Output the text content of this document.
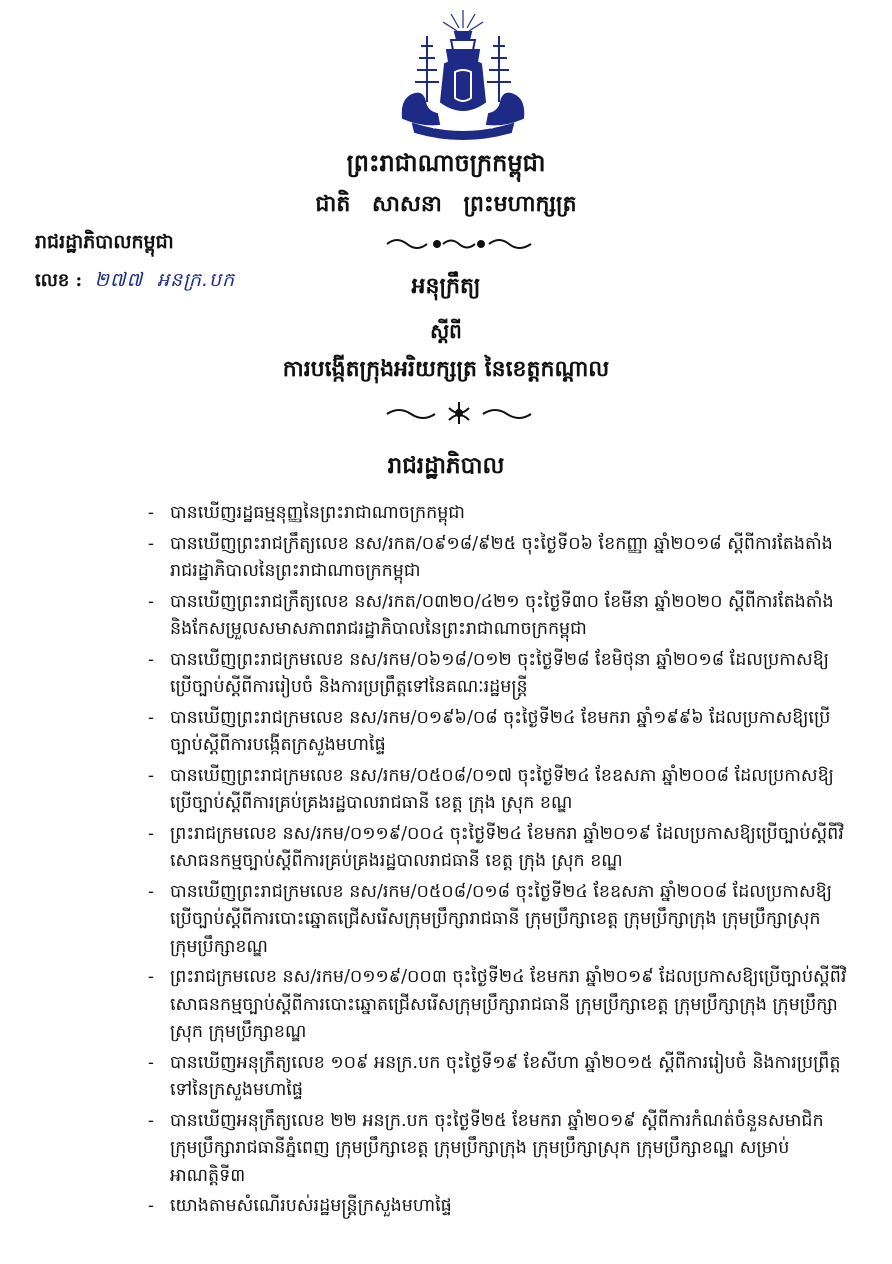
ព្រះរាជាណាចក្រកម្ពុជា
ជាតិ សាសនា ព្រះមហាក្សត្រ
រាជរដ្ឋាភិបាលកម្ពុជា
លេខ : ២៧៧ ​ អនក្រ.បក	អនុក្រឹត្យ
ស្តីពី
ការបង្កើតក្រុងអរិយក្សត្រ នៃខេត្តកណ្តាល
រាជរដ្ឋាភិបាល
- បានឃើញរដ្ឋធម្មនុញ្ញនៃព្រះរាជាណាចក្រកម្ពុជា
- បានឃើញព្រះរាជក្រឹត្យលេខ នស/រកត/០៩១៨/៩២៥ ចុះថ្ងៃទី០៦ ខែកញ្ញា ឆ្នាំ២០១៨ ស្តីពីការតែងតាំងរាជរដ្ឋាភិបាលនៃព្រះរាជាណាចក្រកម្ពុជា
- បានឃើញព្រះរាជក្រឹត្យលេខ នស/រកត/០៣២០/៤២១ ចុះថ្ងៃទី៣០ ខែមីនា ឆ្នាំ២០២០ ស្តីពីការតែងតាំង និងកែសម្រួលសមាសភាពរាជរដ្ឋាភិបាលនៃព្រះរាជាណាចក្រកម្ពុជា
- បានឃើញព្រះរាជក្រមលេខ នស/រកម/០៦១៨/០១២ ចុះថ្ងៃទី២៨ ខែមិថុនា ឆ្នាំ២០១៨ ដែលប្រកាសឱ្យប្រើច្បាប់ស្តីពីការរៀបចំ និងការប្រព្រឹត្តទៅនៃគណៈរដ្ឋមន្ត្រី
- បានឃើញព្រះរាជក្រមលេខ នស/រកម/០១៩៦/០៨ ចុះថ្ងៃទី២៤ ខែមករា ឆ្នាំ១៩៩៦ ដែលប្រកាសឱ្យប្រើច្បាប់ស្តីពីការបង្កើតក្រសួងមហាផ្ទៃ
- បានឃើញព្រះរាជក្រមលេខ នស/រកម/០៥០៨/០១៧ ចុះថ្ងៃទី២៤ ខែឧសភា ឆ្នាំ២០០៨ ដែលប្រកាសឱ្យប្រើច្បាប់ស្តីពីការគ្រប់គ្រងរដ្ឋបាលរាជធានី ខេត្ត ក្រុង ស្រុក ខណ្ឌ
- ព្រះរាជក្រមលេខ នស/រកម/០១១៩/០០៤ ចុះថ្ងៃទី២៤ ខែមករា ឆ្នាំ២០១៩ ដែលប្រកាសឱ្យប្រើច្បាប់ស្តីពីវិសោធនកម្មច្បាប់ស្តីពីការគ្រប់គ្រងរដ្ឋបាលរាជធានី ខេត្ត ក្រុង ស្រុក ខណ្ឌ
- បានឃើញព្រះរាជក្រមលេខ នស/រកម/០៥០៨/០១៨ ចុះថ្ងៃទី២៤ ខែឧសភា ឆ្នាំ២០០៨ ដែលប្រកាសឱ្យប្រើច្បាប់ស្តីពីការបោះឆ្នោតជ្រើសរើសក្រុមប្រឹក្សារាជធានី ក្រុមប្រឹក្សាខេត្ត ក្រុមប្រឹក្សាក្រុង ក្រុមប្រឹក្សាស្រុក ក្រុមប្រឹក្សាខណ្ឌ
- ព្រះរាជក្រមលេខ នស/រកម/០១១៩/០០៣ ចុះថ្ងៃទី២៤ ខែមករា ឆ្នាំ២០១៩ ដែលប្រកាសឱ្យប្រើច្បាប់ស្តីពីវិសោធនកម្មច្បាប់ស្តីពីការបោះឆ្នោតជ្រើសរើសក្រុមប្រឹក្សារាជធានី ក្រុមប្រឹក្សាខេត្ត ក្រុមប្រឹក្សាក្រុង ក្រុមប្រឹក្សាស្រុក ក្រុមប្រឹក្សាខណ្ឌ
- បានឃើញអនុក្រឹត្យលេខ ១០៩ អនក្រ.បក ចុះថ្ងៃទី១៩ ខែសីហា ឆ្នាំ២០១៥ ស្តីពីការរៀបចំ និងការប្រព្រឹត្តទៅនៃក្រសួងមហាផ្ទៃ
- បានឃើញអនុក្រឹត្យលេខ ២២ អនក្រ.បក ចុះថ្ងៃទី២៥ ខែមករា ឆ្នាំ២០១៩ ស្តីពីការកំណត់ចំនួនសមាជិកក្រុមប្រឹក្សារាជធានីភ្នំពេញ ក្រុមប្រឹក្សាខេត្ត ក្រុមប្រឹក្សាក្រុង ក្រុមប្រឹក្សាស្រុក ក្រុមប្រឹក្សាខណ្ឌ សម្រាប់អាណត្តិទី៣
- យោងតាមសំណើរបស់រដ្ឋមន្ត្រីក្រសួងមហាផ្ទៃ
